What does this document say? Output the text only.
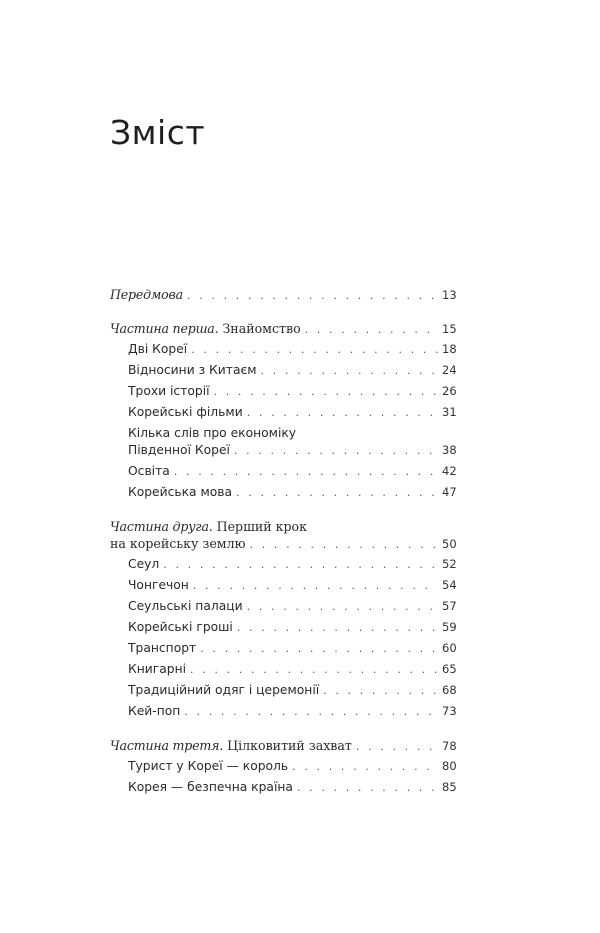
Зміст
Передмова . . .	13
Частина перша. Знайомство . . .	15
Дві Кореї . . .	18
Відносини з Китаєм . . .	24
Трохи історії . . .	26
Корейські фільми . . .	31
Кілька слів про економіку
Південної Кореї . . .	38
Освіта . . .	42
Корейська мова . . .	47
Частина друга. Перший крок
на корейську землю . . .	50
Сеул . . .	52
Чонгечон . . .	54
Сеульські палаци . . .	57
Корейські гроші . . .	59
Транспорт . . .	60
Книгарні . . .	65
Традиційний одяг і церемонії . . .	68
Кей-поп . . .	73
Частина третя. Цілковитий захват . . .	78
Турист у Кореї — король . . .	80
Корея — безпечна країна . . .	85
